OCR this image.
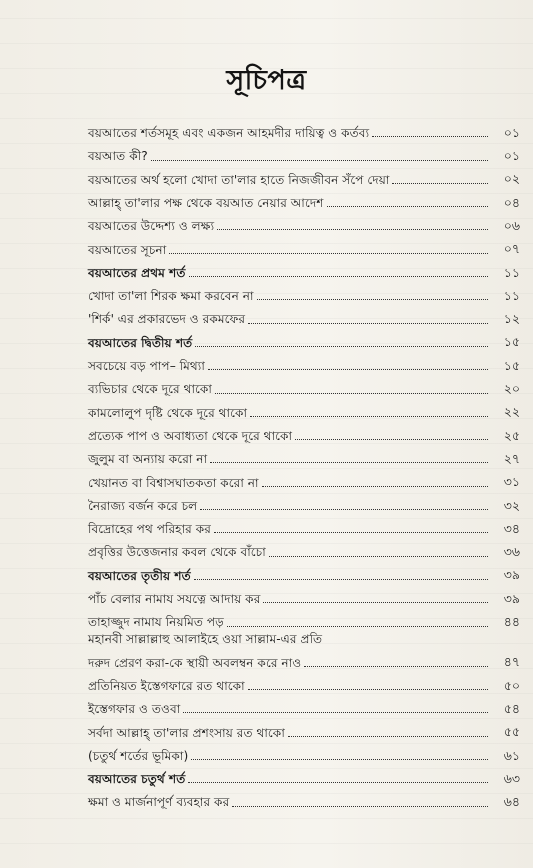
সূচিপত্র
বয়আতের শর্তসমূহ এবং একজন আহমদীর দায়িত্ব ও কর্তব্য	০১
বয়আত কী?	০১
বয়আতের অর্থ হলো খোদা তা'লার হাতে নিজজীবন সঁপে দেয়া	০২
আল্লাহ্ তা'লার পক্ষ থেকে বয়আত নেয়ার আদেশ	০৪
বয়আতের উদ্দেশ্য ও লক্ষ্য	০৬
বয়আতের সূচনা	০৭
বয়আতের প্রথম শর্ত	১১
খোদা তা'লা শিরক ক্ষমা করবেন না	১১
'শির্ক' এর প্রকারভেদ ও রকমফের	১২
বয়আতের দ্বিতীয় শর্ত	১৫
সবচেয়ে বড় পাপ– মিথ্যা	১৫
ব্যভিচার থেকে দূরে থাকো	২০
কামলোলুপ দৃষ্টি থেকে দূরে থাকো	২২
প্রত্যেক পাপ ও অবাধ্যতা থেকে দূরে থাকো	২৫
জুলুম বা অন্যায় করো না	২৭
খেয়ানত বা বিশ্বাসঘাতকতা করো না	৩১
নৈরাজ্য বর্জন করে চল	৩২
বিদ্রোহের পথ পরিহার কর	৩৪
প্রবৃত্তির উত্তেজনার কবল থেকে বাঁচো	৩৬
বয়আতের তৃতীয় শর্ত	৩৯
পাঁচ বেলার নামায সযত্নে আদায় কর	৩৯
তাহাজ্জুদ নামায নিয়মিত পড়	৪৪
মহানবী সাল্লাল্লাহু আলাইহে ওয়া সাল্লাম-এর প্রতি
দরুদ প্রেরণ করা-কে স্থায়ী অবলম্বন করে নাও	৪৭
প্রতিনিয়ত ইস্তেগফারে রত থাকো	৫০
ইস্তেগফার ও তওবা	৫৪
সর্বদা আল্লাহ্ তা'লার প্রশংসায় রত থাকো	৫৫
(চতুর্থ শর্তের ভূমিকা)	৬১
বয়আতের চতুর্থ শর্ত	৬৩
ক্ষমা ও মার্জনাপূর্ণ ব্যবহার কর	৬৪
